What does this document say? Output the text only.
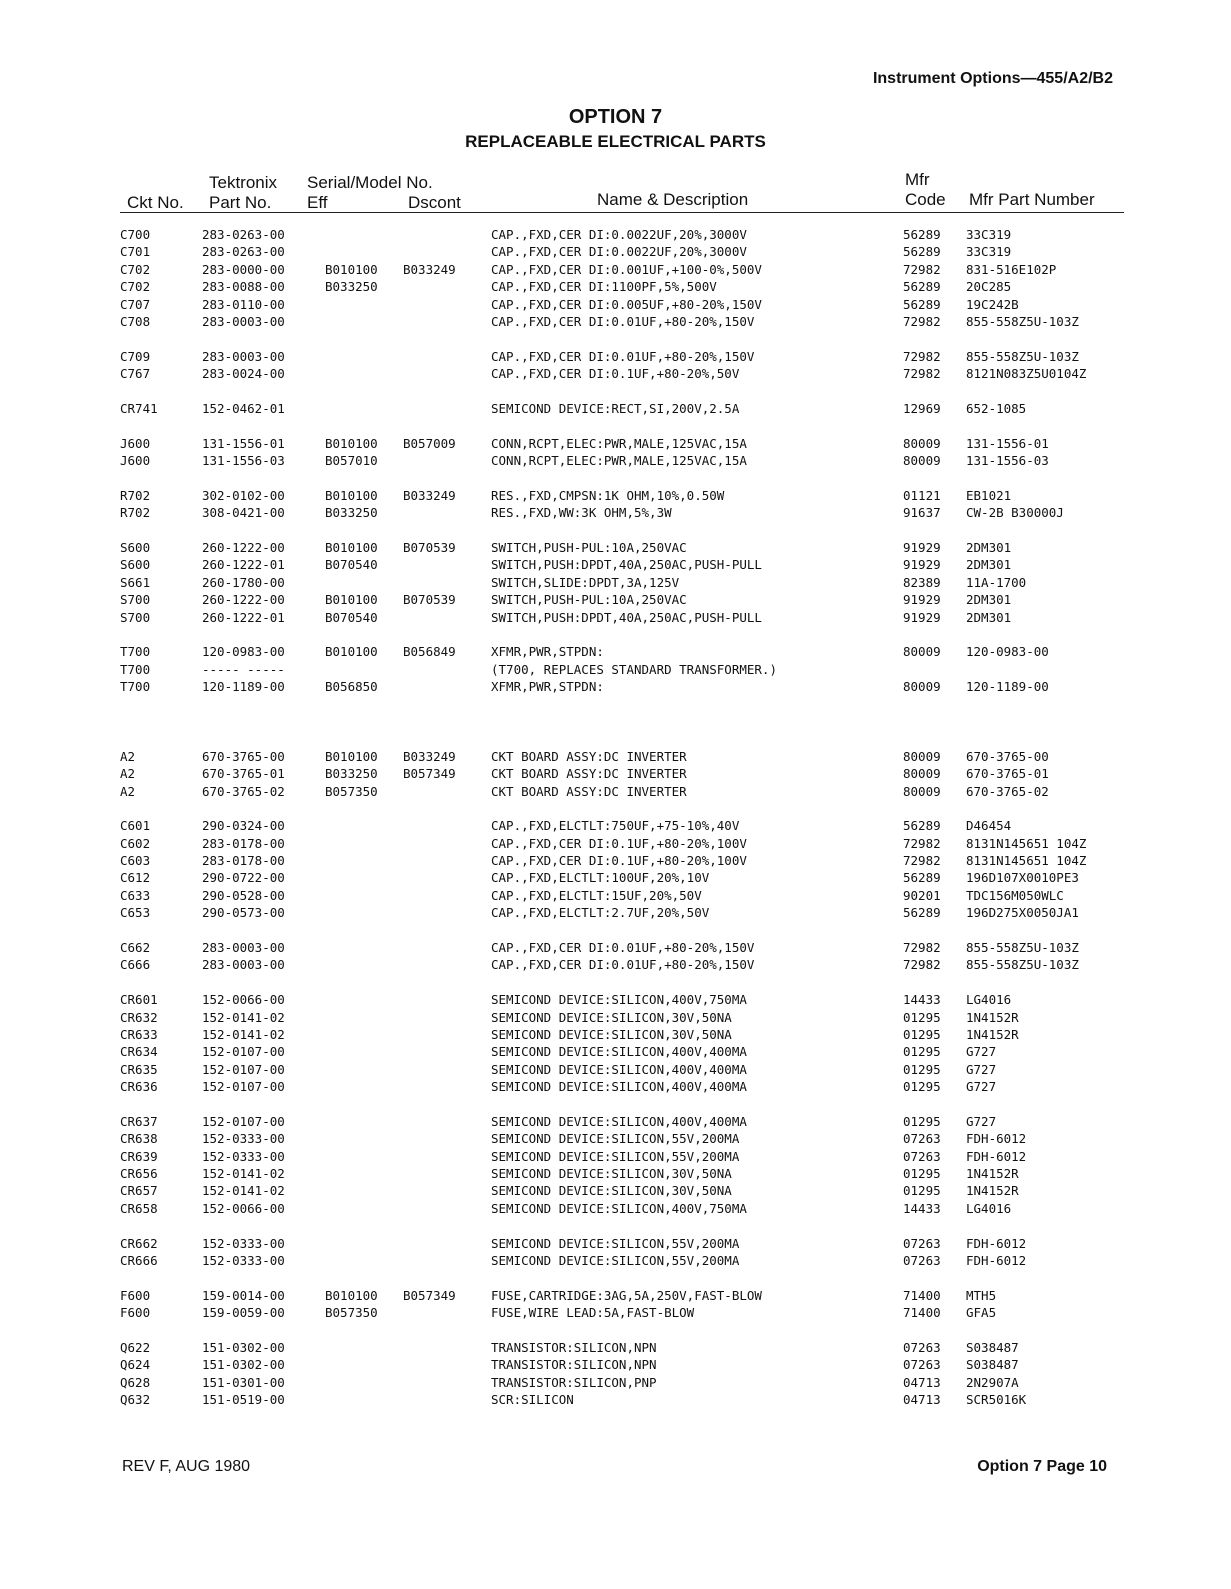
Instrument Options—455/A2/B2
OPTION 7
REPLACEABLE ELECTRICAL PARTS
Ckt No.
Tektronix
Part No.
Serial/Model No.
Eff	Dscont	Name & Description
Mfr
Code Mfr Part Number
C700	283-0263-00	CAP.,FXD,CER DI:0.0022UF,20%,3000V	56289 33C319
C701	283-0263-00	CAP.,FXD,CER DI:0.0022UF,20%,3000V	56289 33C319
C702	283-0000-00	B010100 B033249	CAP.,FXD,CER DI:0.001UF,+100-0%,500V	72982 831-516E102P
C702	283-0088-00	B033250	CAP.,FXD,CER DI:1100PF,5%,500V	56289 20C285
C707	283-0110-00	CAP.,FXD,CER DI:0.005UF,+80-20%,150V	56289 19C242B
C708	283-0003-00	CAP.,FXD,CER DI:0.01UF,+80-20%,150V	72982 855-558Z5U-103Z
C709	283-0003-00	CAP.,FXD,CER DI:0.01UF,+80-20%,150V	72982 855-558Z5U-103Z
C767	283-0024-00	CAP.,FXD,CER DI:0.1UF,+80-20%,50V	72982 8121N083Z5U0104Z
CR741	152-0462-01	SEMICOND DEVICE:RECT,SI,200V,2.5A	12969 652-1085
J600	131-1556-01	B010100 B057009	CONN,RCPT,ELEC:PWR,MALE,125VAC,15A	80009 131-1556-01
J600	131-1556-03	B057010	CONN,RCPT,ELEC:PWR,MALE,125VAC,15A	80009 131-1556-03
R702	302-0102-00	B010100 B033249	RES.,FXD,CMPSN:1K OHM,10%,0.50W	01121 EB1021
R702	308-0421-00	B033250	RES.,FXD,WW:3K OHM,5%,3W	91637 CW-2B B30000J
S600	260-1222-00	B010100 B070539	SWITCH,PUSH-PUL:10A,250VAC	91929 2DM301
S600	260-1222-01	B070540	SWITCH,PUSH:DPDT,40A,250AC,PUSH-PULL	91929 2DM301
S661	260-1780-00	SWITCH,SLIDE:DPDT,3A,125V	82389 11A-1700
S700	260-1222-00	B010100 B070539	SWITCH,PUSH-PUL:10A,250VAC	91929 2DM301
S700	260-1222-01	B070540	SWITCH,PUSH:DPDT,40A,250AC,PUSH-PULL	91929 2DM301
T700	120-0983-00	B010100 B056849	XFMR,PWR,STPDN:	80009 120-0983-00
T700	----- -----	(T700, REPLACES STANDARD TRANSFORMER.)
T700	120-1189-00	B056850	XFMR,PWR,STPDN:	80009 120-1189-00
A2	670-3765-00	B010100 B033249	CKT BOARD ASSY:DC INVERTER	80009 670-3765-00
A2	670-3765-01	B033250 B057349	CKT BOARD ASSY:DC INVERTER	80009 670-3765-01
A2	670-3765-02	B057350	CKT BOARD ASSY:DC INVERTER	80009 670-3765-02
C601	290-0324-00	CAP.,FXD,ELCTLT:750UF,+75-10%,40V	56289 D46454
C602	283-0178-00	CAP.,FXD,CER DI:0.1UF,+80-20%,100V	72982 8131N145651 104Z
C603	283-0178-00	CAP.,FXD,CER DI:0.1UF,+80-20%,100V	72982 8131N145651 104Z
C612	290-0722-00	CAP.,FXD,ELCTLT:100UF,20%,10V	56289 196D107X0010PE3
C633	290-0528-00	CAP.,FXD,ELCTLT:15UF,20%,50V	90201 TDC156M050WLC
C653	290-0573-00	CAP.,FXD,ELCTLT:2.7UF,20%,50V	56289 196D275X0050JA1
C662	283-0003-00	CAP.,FXD,CER DI:0.01UF,+80-20%,150V	72982 855-558Z5U-103Z
C666	283-0003-00	CAP.,FXD,CER DI:0.01UF,+80-20%,150V	72982 855-558Z5U-103Z
CR601	152-0066-00	SEMICOND DEVICE:SILICON,400V,750MA	14433 LG4016
CR632	152-0141-02	SEMICOND DEVICE:SILICON,30V,50NA	01295 1N4152R
CR633	152-0141-02	SEMICOND DEVICE:SILICON,30V,50NA	01295 1N4152R
CR634	152-0107-00	SEMICOND DEVICE:SILICON,400V,400MA	01295 G727
CR635	152-0107-00	SEMICOND DEVICE:SILICON,400V,400MA	01295 G727
CR636	152-0107-00	SEMICOND DEVICE:SILICON,400V,400MA	01295 G727
CR637	152-0107-00	SEMICOND DEVICE:SILICON,400V,400MA	01295 G727
CR638	152-0333-00	SEMICOND DEVICE:SILICON,55V,200MA	07263 FDH-6012
CR639	152-0333-00	SEMICOND DEVICE:SILICON,55V,200MA	07263 FDH-6012
CR656	152-0141-02	SEMICOND DEVICE:SILICON,30V,50NA	01295 1N4152R
CR657	152-0141-02	SEMICOND DEVICE:SILICON,30V,50NA	01295 1N4152R
CR658	152-0066-00	SEMICOND DEVICE:SILICON,400V,750MA	14433 LG4016
CR662	152-0333-00	SEMICOND DEVICE:SILICON,55V,200MA	07263 FDH-6012
CR666	152-0333-00	SEMICOND DEVICE:SILICON,55V,200MA	07263 FDH-6012
F600	159-0014-00	B010100 B057349	FUSE,CARTRIDGE:3AG,5A,250V,FAST-BLOW	71400 MTH5
F600	159-0059-00	B057350	FUSE,WIRE LEAD:5A,FAST-BLOW	71400 GFA5
Q622	151-0302-00	TRANSISTOR:SILICON,NPN	07263 S038487
Q624	151-0302-00	TRANSISTOR:SILICON,NPN	07263 S038487
Q628	151-0301-00	TRANSISTOR:SILICON,PNP	04713 2N2907A
Q632	151-0519-00	SCR:SILICON	04713 SCR5016K
REV F, AUG 1980	Option 7 Page 10
